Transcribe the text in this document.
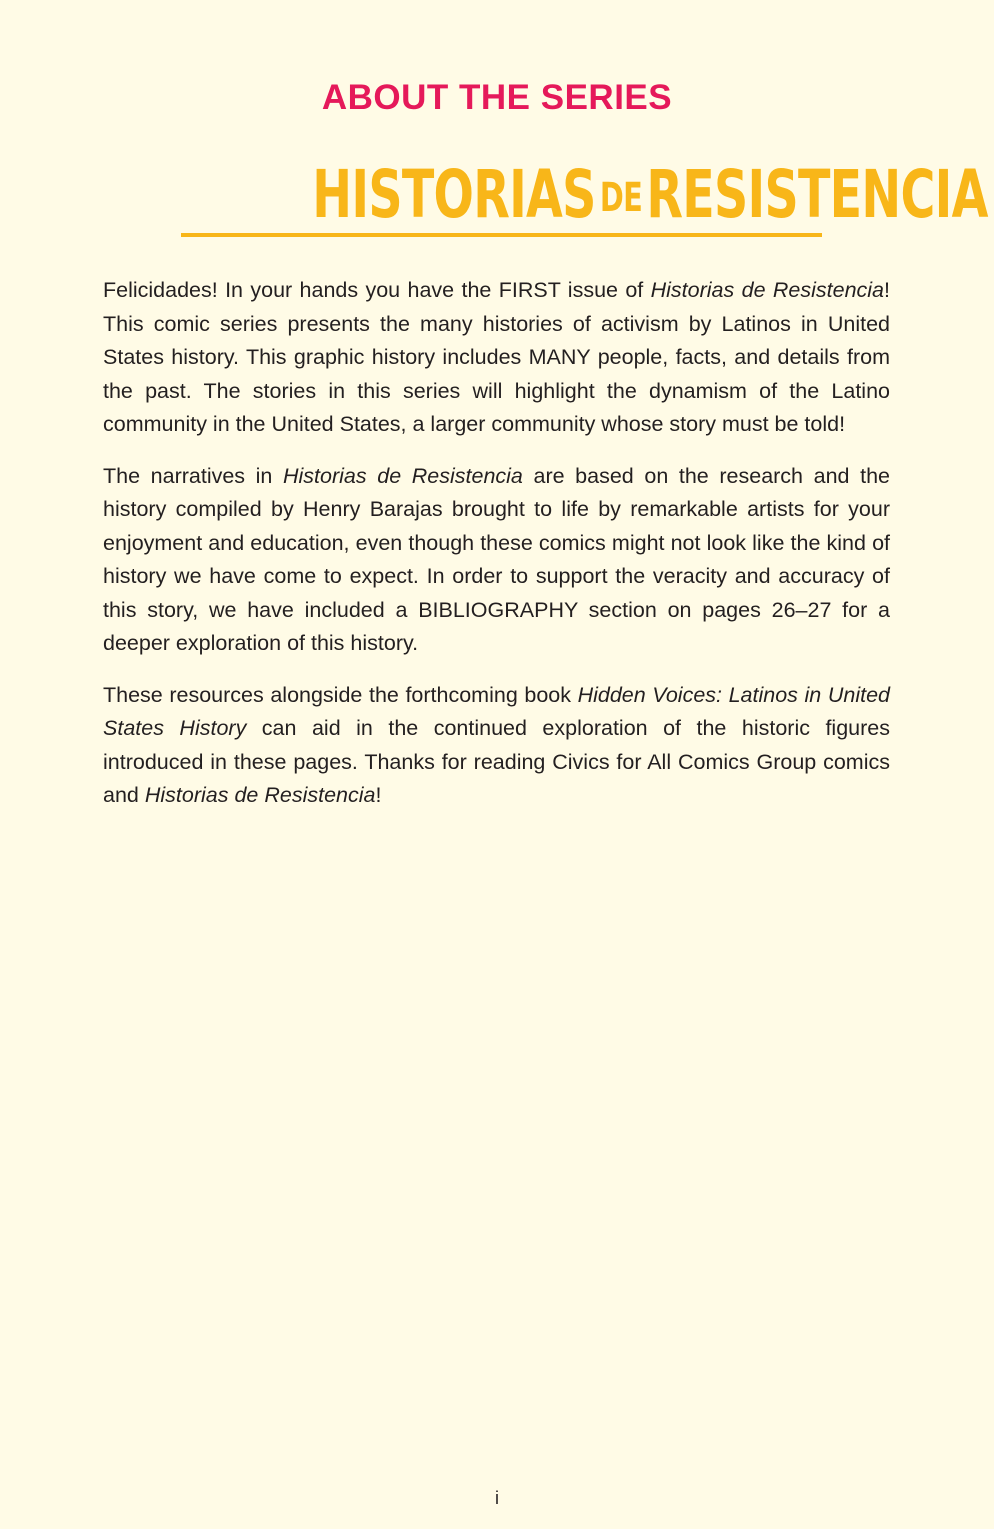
ABOUT THE SERIES
HISTORIAS DERESISTENCIA

Felicidades! In your hands you have the FIRST issue of Historias de Resistencia! This comic series presents the many histories of activism by Latinos in United States history. This graphic history includes MANY people, facts, and details from the past. The stories in this series will highlight the dynamism of the Latino community in the United States, a larger community whose story must be told!

The narratives in Historias de Resistencia are based on the research and the history compiled by Henry Barajas brought to life by remarkable artists for your enjoyment and education, even though these comics might not look like the kind of history we have come to expect. In order to support the veracity and accuracy of this story, we have included a BIBLIOGRAPHY section on pages 26–27 for a deeper exploration of this history.

These resources alongside the forthcoming book Hidden Voices: Latinos in United States History can aid in the continued exploration of the historic figures introduced in these pages. Thanks for reading Civics for All Comics Group comics and Historias de Resistencia!

i
